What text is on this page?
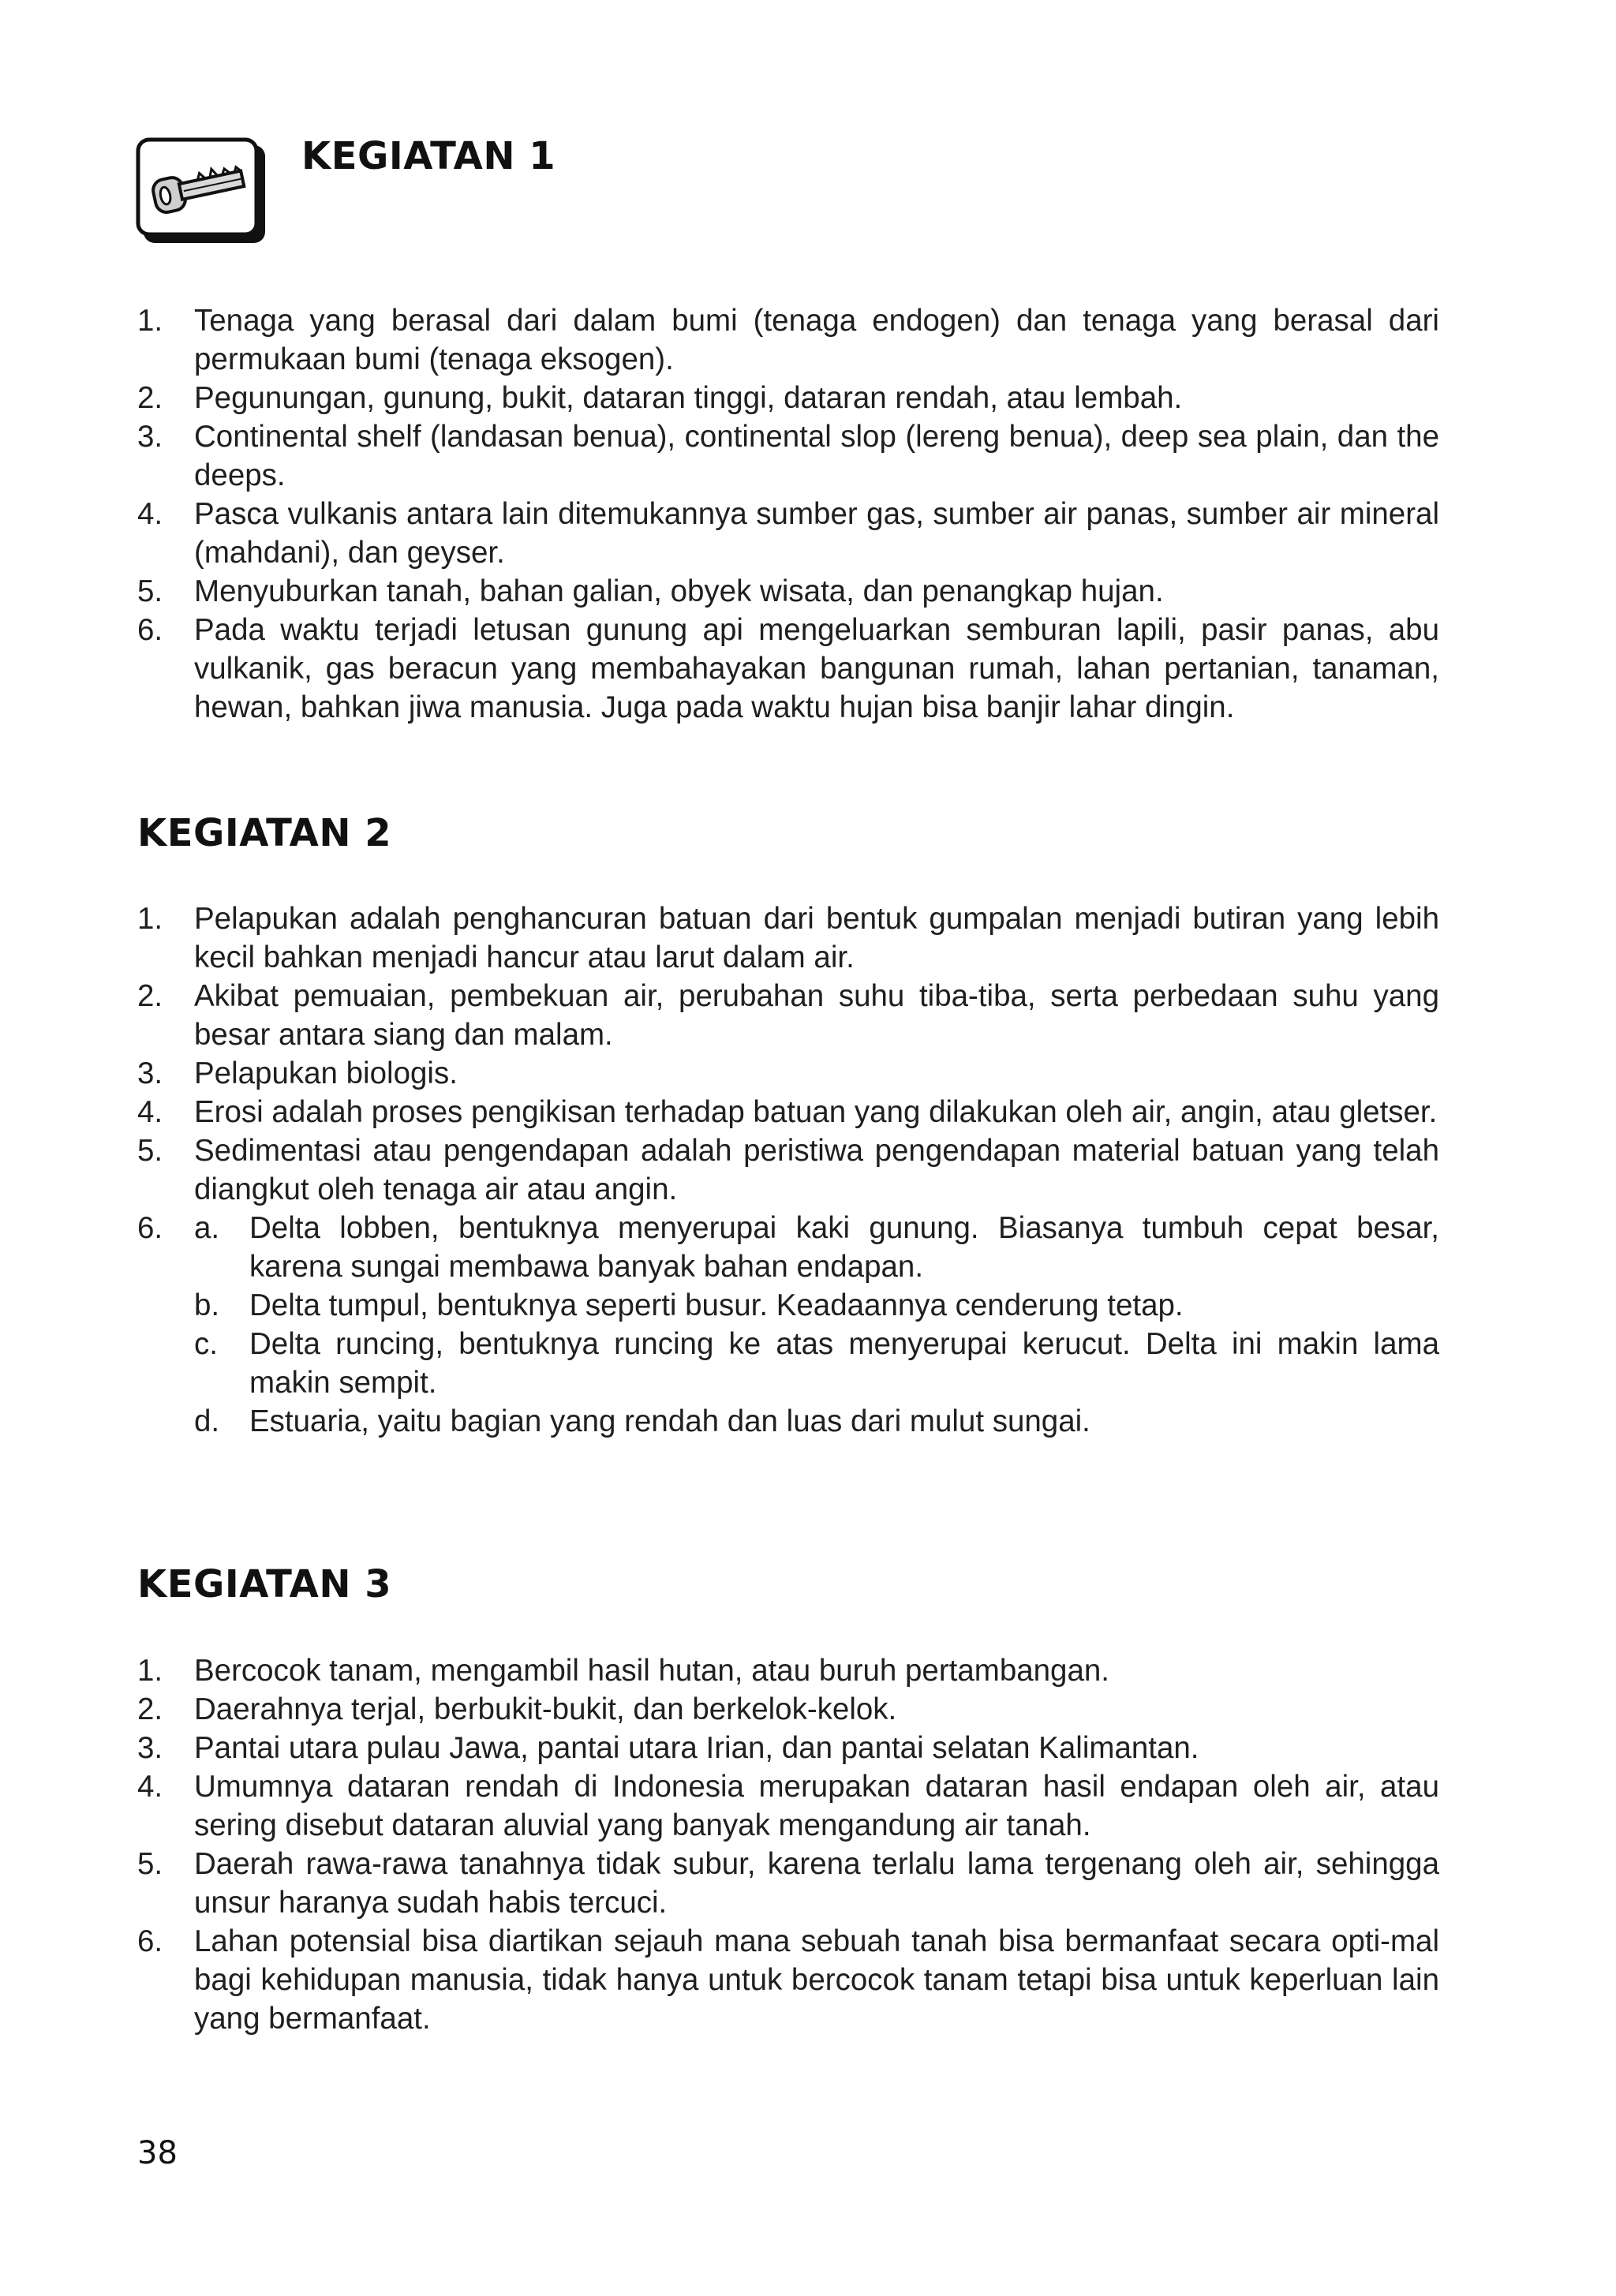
KEGIATAN 1
1. Tenaga yang berasal dari dalam bumi (tenaga endogen) dan tenaga yang berasal dari permukaan bumi (tenaga eksogen).
2. Pegunungan, gunung, bukit, dataran tinggi, dataran rendah, atau lembah.
3. Continental shelf (landasan benua), continental slop (lereng benua), deep sea plain, dan the deeps.
4. Pasca vulkanis antara lain ditemukannya sumber gas, sumber air panas, sumber air mineral (mahdani), dan geyser.
5. Menyuburkan tanah, bahan galian, obyek wisata, dan penangkap hujan.
6. Pada waktu terjadi letusan gunung api mengeluarkan semburan lapili, pasir panas, abu vulkanik, gas beracun yang membahayakan bangunan rumah, lahan pertanian, tanaman, hewan, bahkan jiwa manusia. Juga pada waktu hujan bisa banjir lahar dingin.
KEGIATAN 2
1. Pelapukan adalah penghancuran batuan dari bentuk gumpalan menjadi butiran yang lebih kecil bahkan menjadi hancur atau larut dalam air.
2. Akibat pemuaian, pembekuan air, perubahan suhu tiba-tiba, serta perbedaan suhu yang besar antara siang dan malam.
3. Pelapukan biologis.
4. Erosi adalah proses pengikisan terhadap batuan yang dilakukan oleh air, angin, atau gletser.
5. Sedimentasi atau pengendapan adalah peristiwa pengendapan material batuan yang telah diangkut oleh tenaga air atau angin.
6. a. Delta lobben, bentuknya menyerupai kaki gunung. Biasanya tumbuh cepat besar, karena sungai membawa banyak bahan endapan.
b. Delta tumpul, bentuknya seperti busur. Keadaannya cenderung tetap.
c. Delta runcing, bentuknya runcing ke atas menyerupai kerucut. Delta ini makin lama makin sempit.
d. Estuaria, yaitu bagian yang rendah dan luas dari mulut sungai.
KEGIATAN 3
1. Bercocok tanam, mengambil hasil hutan, atau buruh pertambangan.
2. Daerahnya terjal, berbukit-bukit, dan berkelok-kelok.
3. Pantai utara pulau Jawa, pantai utara Irian, dan pantai selatan Kalimantan.
4. Umumnya dataran rendah di Indonesia merupakan dataran hasil endapan oleh air, atau sering disebut dataran aluvial yang banyak mengandung air tanah.
5. Daerah rawa-rawa tanahnya tidak subur, karena terlalu lama tergenang oleh air, sehingga unsur haranya sudah habis tercuci.
6. Lahan potensial bisa diartikan sejauh mana sebuah tanah bisa bermanfaat secara opti-mal bagi kehidupan manusia, tidak hanya untuk bercocok tanam tetapi bisa untuk keperluan lain yang bermanfaat.
38
